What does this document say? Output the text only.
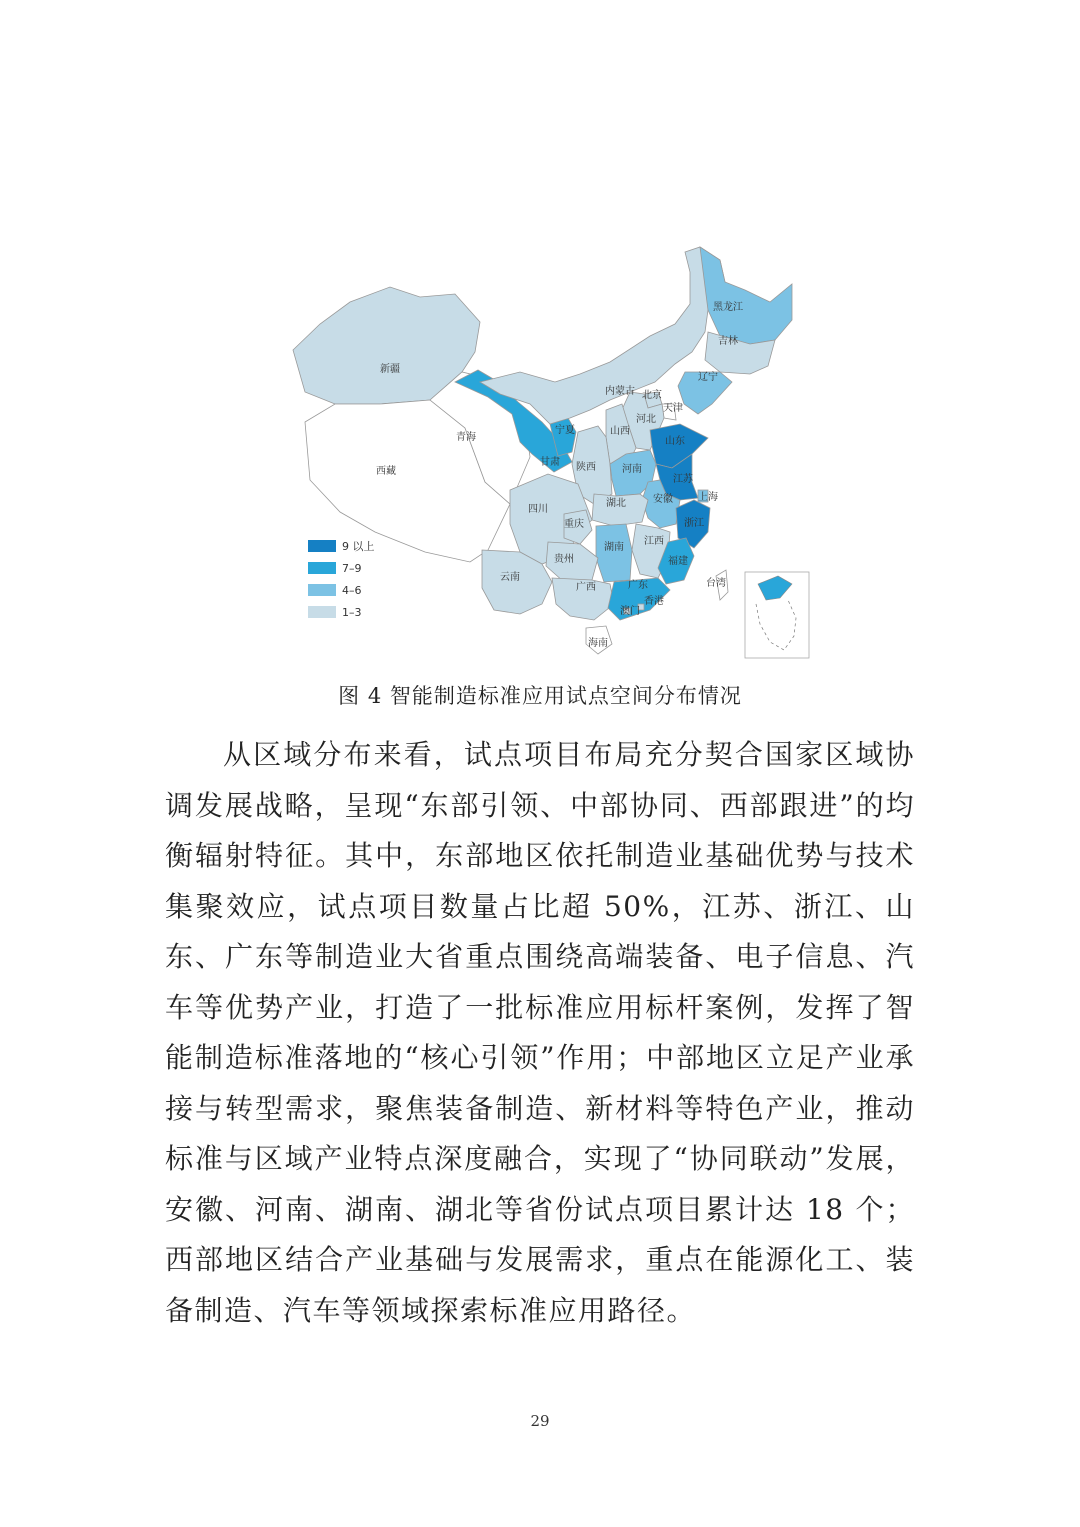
新疆
西藏
青海
甘肃
宁夏
内蒙古
黑龙江
吉林
辽宁
北京
天津
河北
山西
陕西
山东
河南
江苏
安徽	上海
浙江
湖北
四川
重庆
湖南
江西
福建
贵州
云南
广西	广东
香港
澳门
台湾
海南
9 以上
7–9
4–6
1–3
图 4 智能制造标准应用试点空间分布情况

从区域分布来看，试点项目布局充分契合国家区域协调发展战略，呈现“东部引领、中部协同、西部跟进”的均衡辐射特征。其中，东部地区依托制造业基础优势与技术集聚效应，试点项目数量占比超 50%，江苏、浙江、山东、广东等制造业大省重点围绕高端装备、电子信息、汽车等优势产业，打造了一批标准应用标杆案例，发挥了智能制造标准落地的“核心引领”作用；中部地区立足产业承接与转型需求，聚焦装备制造、新材料等特色产业，推动标准与区域产业特点深度融合，实现了“协同联动”发展，安徽、河南、湖南、湖北等省份试点项目累计达 18 个；西部地区结合产业基础与发展需求，重点在能源化工、装备制造、汽车等领域探索标准应用路径。

29
